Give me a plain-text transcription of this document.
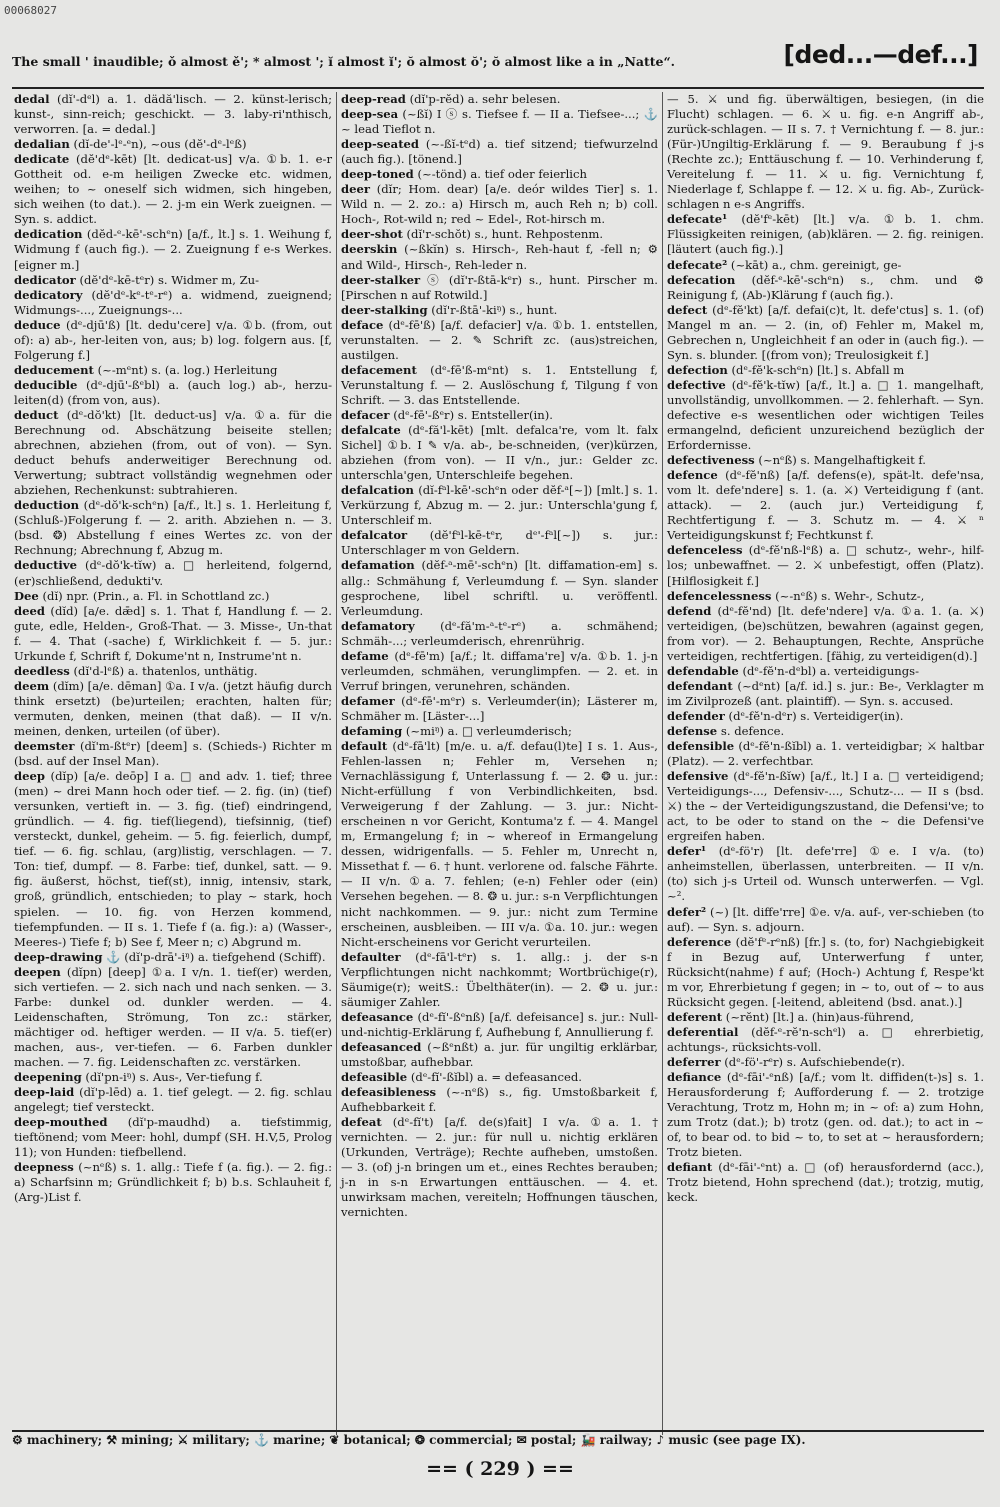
00068027
The small ' inaudible; ǒ almost ě'; * almost '; ĭ almost ĭ'; ŏ almost ŏ'; ŏ almost like a in „Natte“.	[ded...—def...]

dedal (dĭ'-dᵉl) a. 1. dädă'lisch. — 2. künst-lerisch; kunst-, sinn-reich; geschickt. — 3. laby-ri'nthisch, verworren. [a. = dedal.]

dedalian (dĭ-de'-lᵉ-ᵉn), ~ous (dĕ'-dᵉ-lᵉß)

dedicate (dĕ'dᵉ-kēt) [lt. dedicat-us] v/a. ①b. 1. e-r Gottheit od. e-m heiligen Zwecke etc. widmen, weihen; to ~ oneself sich widmen, sich hingeben, sich weihen (to dat.). — 2. j-m ein Werk zueignen. — Syn. s. addict.

dedication (dĕd-ᵉ-kē'-schᵉn) [a/f., lt.] s. 1. Weihung f, Widmung f (auch fig.). — 2. Zueignung f e-s Werkes. [eigner m.]

dedicator (dĕ'dᵉ-kē-tᵉr) s. Widmer m, Zu-

dedicatory (dĕ'dᵉ-kᵉ-tᵉ-rᵉ) a. widmend, zueignend; Widmungs-..., Zueignungs-...

deduce (dᵉ-djū'ß) [lt. dedu'cere] v/a. ①b. (from, out of): a) ab-, her-leiten von, aus; b) log. folgern aus. [f, Folgerung f.]

deducement (~-mᵉnt) s. (a. log.) Herleitung

deducible (dᵉ-djū'-ßᵉbl) a. (auch log.) ab-, herzu-leiten(d) (from von, aus).

deduct (dᵉ-dŏ'kt) [lt. deduct-us] v/a. ①a. für die Berechnung od. Abschätzung beiseite stellen; abrechnen, abziehen (from, out of von). — Syn. deduct behufs anderweitiger Berechnung od. Verwertung; subtract vollständig wegnehmen oder abziehen, Rechenkunst: subtrahieren.

deduction (dᵉ-dŏ'k-schᵉn) [a/f., lt.] s. 1. Herleitung f, (Schluß-)Folgerung f. — 2. arith. Abziehen n. — 3. (bsd. ❂) Abstellung f eines Wertes zc. von der Rechnung; Abrechnung f, Abzug m.

deductive (dᵉ-dŏ'k-tĭw) a. □ herleitend, folgernd, (er)schließend, dedukti'v.

Dee (dĭ) npr. (Prin., a. Fl. in Schottland zc.)

deed (dĭd) [a/e. dǣd] s. 1. That f, Handlung f. — 2. gute, edle, Helden-, Groß-That. — 3. Misse-, Un-that f. — 4. That (-sache) f, Wirklichkeit f. — 5. jur.: Urkunde f, Schrift f, Dokume'nt n, Instrume'nt n.

deedless (dĭ'd-lᵉß) a. thatenlos, unthätig.

deem (dĭm) [a/e. dēman] ①a. I v/a. (jetzt häufig durch think ersetzt) (be)urteilen; erachten, halten für; vermuten, denken, meinen (that daß). — II v/n. meinen, denken, urteilen (of über).

deemster (dĭ'm-ßtᵉr) [deem] s. (Schieds-) Richter m (bsd. auf der Insel Man).

deep (dĭp) [a/e. deōp] I a. □ and adv. 1. tief; three (men) ~ drei Mann hoch oder tief. — 2. fig. (in) (tief) versunken, vertieft in. — 3. fig. (tief) eindringend, gründlich. — 4. fig. tief(liegend), tiefsinnig, (tief) versteckt, dunkel, geheim. — 5. fig. feierlich, dumpf, tief. — 6. fig. schlau, (arg)listig, verschlagen. — 7. Ton: tief, dumpf. — 8. Farbe: tief, dunkel, satt. — 9. fig. äußerst, höchst, tief(st), innig, intensiv, stark, groß, gründlich, entschieden; to play ~ stark, hoch spielen. — 10. fig. von Herzen kommend, tiefempfunden. — II s. 1. Tiefe f (a. fig.): a) (Wasser-, Meeres-) Tiefe f; b) See f, Meer n; c) Abgrund m.

deep-drawing ⚓ (dĭ'p-drā'-iᵑ) a. tiefgehend (Schiff).

deepen (dĭpn) [deep] ①a. I v/n. 1. tief(er) werden, sich vertiefen. — 2. sich nach und nach senken. — 3. Farbe: dunkel od. dunkler werden. — 4. Leidenschaften, Strömung, Ton zc.: stärker, mächtiger od. heftiger werden. — II v/a. 5. tief(er) machen, aus-, ver-tiefen. — 6. Farben dunkler machen. — 7. fig. Leidenschaften zc. verstärken.

deepening (dĭ'pn-iᵑ) s. Aus-, Ver-tiefung f.

deep-laid (dĭ'p-lēd) a. 1. tief gelegt. — 2. fig. schlau angelegt; tief versteckt.

deep-mouthed (dĭ'p-maudhd) a. tiefstimmig, tieftönend; vom Meer: hohl, dumpf (SH. H.V,5, Prolog 11); von Hunden: tiefbellend.

deepness (~nᵉß) s. 1. allg.: Tiefe f (a. fig.). — 2. fig.: a) Scharfsinn m; Gründlichkeit f; b) b.s. Schlauheit f, (Arg-)List f.

deep-read (dĭ'p-rĕd) a. sehr belesen.

deep-sea (~ßĭ) I ⓢ s. Tiefsee f. — II a. Tiefsee-...; ⚓ ~ lead Tieflot n.

deep-seated (~-ßĭ-tᵉd) a. tief sitzend; tiefwurzelnd (auch fig.). [tönend.]

deep-toned (~-tönd) a. tief oder feierlich

deer (dĭr; Hom. dear) [a/e. deór wildes Tier] s. 1. Wild n. — 2. zo.: a) Hirsch m, auch Reh n; b) coll. Hoch-, Rot-wild n; red ~ Edel-, Rot-hirsch m.

deer-shot (dĭ'r-schŏt) s., hunt. Rehpostenm.

deerskin (~ßkĭn) s. Hirsch-, Reh-haut f, -fell n; ⚙ and Wild-, Hirsch-, Reh-leder n.

deer-stalker ⓢ (dĭ'r-ßtā-kᵉr) s., hunt. Pirscher m. [Pirschen n auf Rotwild.]

deer-stalking (dĭ'r-ßtā'-kiᵑ) s., hunt.

deface (dᵉ-fē'ß) [a/f. defacier] v/a. ①b. 1. entstellen, verunstalten. — 2. ✎ Schrift zc. (aus)streichen, austilgen.

defacement (dᵉ-fē'ß-mᵉnt) s. 1. Entstellung f, Verunstaltung f. — 2. Auslöschung f, Tilgung f von Schrift. — 3. das Entstellende.

defacer (dᵉ-fē'-ßᵉr) s. Entsteller(in).

defalcate (dᵉ-fă'l-kēt) [mlt. defalca're, vom lt. falx Sichel] ①b. I ✎ v/a. ab-, be-schneiden, (ver)kürzen, abziehen (from von). — II v/n., jur.: Gelder zc. unterschla'gen, Unterschleife begehen.

defalcation (dĭ-fᵃl-kē'-schᵉn oder dĕf-ᵃ[~]) [mlt.] s. 1. Verkürzung f, Abzug m. — 2. jur.: Unterschla'gung f, Unterschleif m.

defalcator (dĕ'fᵃl-kē-tᵉr, dᵉ'-fᵃl[~]) s. jur.: Unterschlager m von Geldern.

defamation (dĕf-ᵃ-mē'-schᵉn) [lt. diffamation-em] s. allg.: Schmähung f, Verleumdung f. — Syn. slander gesprochene, libel schriftl. u. veröffentl. Verleumdung.

defamatory (dᵉ-fă'm-ᵃ-tᵉ-rᵉ) a. schmähend; Schmäh-...; verleumderisch, ehrenrührig.

defame (dᵉ-fē'm) [a/f.; lt. diffama're] v/a. ①b. 1. j-n verleumden, schmähen, verunglimpfen. — 2. et. in Verruf bringen, verunehren, schänden.

defamer (dᵉ-fē'-mᵉr) s. Verleumder(in); Lästerer m, Schmäher m. [Läster-...]

defaming (~miᵑ) a. □ verleumderisch;

default (dᵉ-fā'lt) [m/e. u. a/f. defau(l)te] I s. 1. Aus-, Fehlen-lassen n; Fehler m, Versehen n; Vernachlässigung f, Unterlassung f. — 2. ❂ u. jur.: Nicht-erfüllung f von Verbindlichkeiten, bsd. Verweigerung f der Zahlung. — 3. jur.: Nicht-erscheinen n vor Gericht, Kontuma'z f. — 4. Mangel m, Ermangelung f; in ~ whereof in Ermangelung dessen, widrigenfalls. — 5. Fehler m, Unrecht n, Missethat f. — 6. † hunt. verlorene od. falsche Fährte. — II v/n. ①a. 7. fehlen; (e-n) Fehler oder (ein) Versehen begehen. — 8. ❂ u. jur.: s-n Verpflichtungen nicht nachkommen. — 9. jur.: nicht zum Termine erscheinen, ausbleiben. — III v/a. ①a. 10. jur.: wegen Nicht-erscheinens vor Gericht verurteilen.

defaulter (dᵉ-fā'l-tᵉr) s. 1. allg.: j. der s-n Verpflichtungen nicht nachkommt; Wortbrüchige(r), Säumige(r); weitS.: Übelthäter(in). — 2. ❂ u. jur.: säumiger Zahler.

defeasance (dᵉ-fĭ'-ßᵉnß) [a/f. defeisance] s. jur.: Null-und-nichtig-Erklärung f, Aufhebung f, Annullierung f.

defeasanced (~ßᵉnßt) a. jur. für ungiltig erklärbar, umstoßbar, aufhebbar.

defeasible (dᵉ-fĭ'-ßĭbl) a. = defeasanced.

defeasibleness (~-nᵉß) s., fig. Umstoßbarkeit f, Aufhebbarkeit f.

defeat (dᵉ-fĭ't) [a/f. de(s)fait] I v/a. ①a. 1. † vernichten. — 2. jur.: für null u. nichtig erklären (Urkunden, Verträge); Rechte aufheben, umstoßen. — 3. (of) j-n bringen um et., eines Rechtes berauben; j-n in s-n Erwartungen enttäuschen. — 4. et. unwirksam machen, vereiteln; Hoffnungen täuschen, vernichten.

— 5. ⚔ und fig. überwältigen, besiegen, (in die Flucht) schlagen. — 6. ⚔ u. fig. e-n Angriff ab-, zurück-schlagen. — II s. 7. † Vernichtung f. — 8. jur.: (Für-)Ungiltig-Erklärung f. — 9. Beraubung f j-s (Rechte zc.); Enttäuschung f. — 10. Verhinderung f, Vereitelung f. — 11. ⚔ u. fig. Vernichtung f, Niederlage f, Schlappe f. — 12. ⚔ u. fig. Ab-, Zurück-schlagen n e-s Angriffs.

defecate¹ (dĕ'fᵉ-kēt) [lt.] v/a. ①b. 1. chm. Flüssigkeiten reinigen, (ab)klären. — 2. fig. reinigen. [läutert (auch fig.).]

defecate² (~kāt) a., chm. gereinigt, ge-

defecation (dĕf-ᵉ-kē'-schᵉn) s., chm. und ⚙ Reinigung f, (Ab-)Klärung f (auch fig.).

defect (dᵉ-fĕ'kt) [a/f. defai(c)t, lt. defe'ctus] s. 1. (of) Mangel m an. — 2. (in, of) Fehler m, Makel m, Gebrechen n, Ungleichheit f an oder in (auch fig.). — Syn. s. blunder. [(from von); Treulosigkeit f.]

defection (dᵉ-fĕ'k-schᵉn) [lt.] s. Abfall m

defective (dᵉ-fĕ'k-tĭw) [a/f., lt.] a. □ 1. mangelhaft, unvollständig, unvollkommen. — 2. fehlerhaft. — Syn. defective e-s wesentlichen oder wichtigen Teiles ermangelnd, deficient unzureichend bezüglich der Erfordernisse.

defectiveness (~nᵉß) s. Mangelhaftigkeit f.

defence (dᵉ-fĕ'nß) [a/f. defens(e), spät-lt. defe'nsa, vom lt. defe'ndere] s. 1. (a. ⚔) Verteidigung f (ant. attack). — 2. (auch jur.) Verteidigung f, Rechtfertigung f. — 3. Schutz m. — 4. ⚔ ⁿ Verteidigungskunst f; Fechtkunst f.

defenceless (dᵉ-fĕ'nß-lᵉß) a. □ schutz-, wehr-, hilf-los; unbewaffnet. — 2. ⚔ unbefestigt, offen (Platz). [Hilflosigkeit f.]

defencelessness (~-nᵉß) s. Wehr-, Schutz-,

defend (dᵉ-fĕ'nd) [lt. defe'ndere] v/a. ①a. 1. (a. ⚔) verteidigen, (be)schützen, bewahren (against gegen, from vor). — 2. Behauptungen, Rechte, Ansprüche verteidigen, rechtfertigen. [fähig, zu verteidigen(d).]

defendable (dᵉ-fĕ'n-dᵉbl) a. verteidigungs-

defendant (~dᵉnt) [a/f. id.] s. jur.: Be-, Verklagter m im Zivilprozeß (ant. plaintiff). — Syn. s. accused.

defender (dᵉ-fĕ'n-dᵉr) s. Verteidiger(in).

defense s. defence.

defensible (dᵉ-fĕ'n-ßĭbl) a. 1. verteidigbar; ⚔ haltbar (Platz). — 2. verfechtbar.

defensive (dᵉ-fĕ'n-ßĭw) [a/f., lt.] I a. □ verteidigend; Verteidigungs-..., Defensiv-..., Schutz-... — II s (bsd. ⚔) the ~ der Verteidigungszustand, die Defensi've; to act, to be oder to stand on the ~ die Defensi've ergreifen haben.

defer¹ (dᵉ-fö'r) [lt. defe'rre] ①e. I v/a. (to) anheimstellen, überlassen, unterbreiten. — II v/n. (to) sich j-s Urteil od. Wunsch unterwerfen. — Vgl. ~².

defer² (~) [lt. diffe'rre] ①e. v/a. auf-, ver-schieben (to auf). — Syn. s. adjourn.

deference (dĕ'fᵉ-rᵉnß) [fr.] s. (to, for) Nachgiebigkeit f in Bezug auf, Unterwerfung f unter, Rücksicht(nahme) f auf; (Hoch-) Achtung f, Respe'kt m vor, Ehrerbietung f gegen; in ~ to, out of ~ to aus Rücksicht gegen. [-leitend, ableitend (bsd. anat.).]

deferent (~rĕnt) [lt.] a. (hin)aus-führend,

deferential (dĕf-ᵉ-rĕ'n-schᵉl) a. □ ehrerbietig, achtungs-, rücksichts-voll.

deferrer (dᵉ-fö'-rᵉr) s. Aufschiebende(r).

defiance (dᵉ-fāi'-ᵉnß) [a/f.; vom lt. diffiden(t-)s] s. 1. Herausforderung f; Aufforderung f. — 2. trotzige Verachtung, Trotz m, Hohn m; in ~ of: a) zum Hohn, zum Trotz (dat.); b) trotz (gen. od. dat.); to act in ~ of, to bear od. to bid ~ to, to set at ~ herausfordern; Trotz bieten.

defiant (dᵉ-fāi'-ᵉnt) a. □ (of) herausfordernd (acc.), Trotz bietend, Hohn sprechend (dat.); trotzig, mutig, keck.

⚙ machinery; ⚒ mining; ⚔ military; ⚓ marine; ❦ botanical; ❂ commercial; ✉ postal; 🚂 railway; ♪ music (see page IX).
== ( 229 ) ==
